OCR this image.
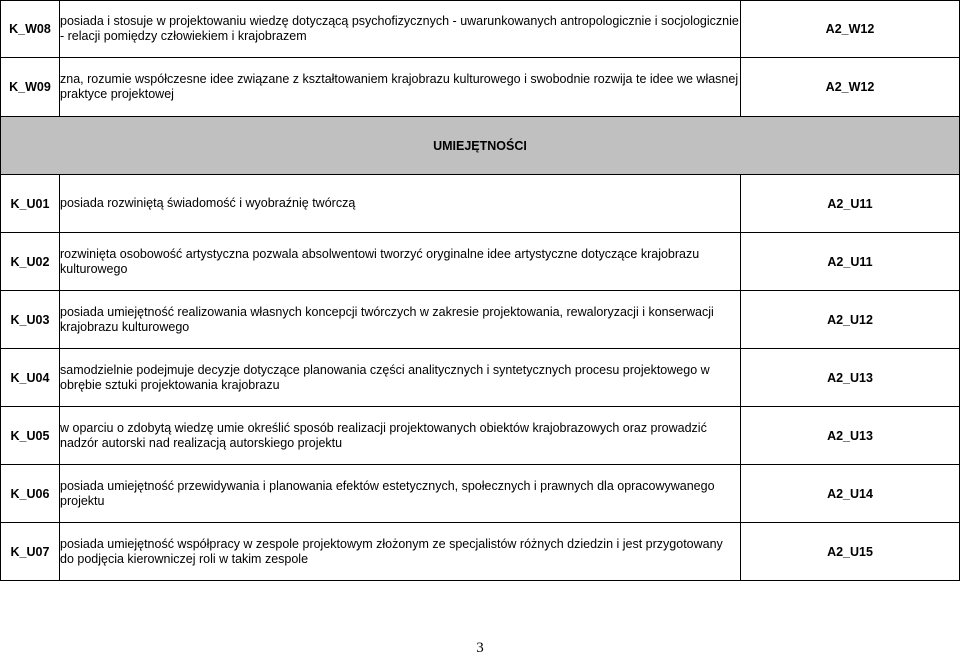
K_W08	posiada i stosuje w projektowaniu wiedzę dotyczącą psychofizycznych - uwarunkowanych antropologicznie i socjologicznie - relacji pomiędzy człowiekiem i krajobrazem	A2_W12
K_W09	zna, rozumie współczesne idee związane z kształtowaniem krajobrazu kulturowego i swobodnie rozwija te idee we własnej praktyce projektowej	A2_W12
UMIEJĘTNOŚCI		
K_U01	posiada rozwiniętą świadomość i wyobraźnię twórczą	A2_U11
K_U02	rozwinięta osobowość artystyczna pozwala absolwentowi tworzyć oryginalne idee artystyczne dotyczące krajobrazu kulturowego	A2_U11
K_U03	posiada umiejętność realizowania własnych koncepcji twórczych w zakresie projektowania, rewaloryzacji i konserwacji krajobrazu kulturowego	A2_U12
K_U04	samodzielnie podejmuje decyzje dotyczące planowania części analitycznych i syntetycznych procesu projektowego w obrębie sztuki projektowania krajobrazu	A2_U13
K_U05	w oparciu o zdobytą wiedzę umie określić sposób realizacji projektowanych obiektów krajobrazowych oraz prowadzić nadzór autorski nad realizacją autorskiego projektu	A2_U13
K_U06	posiada umiejętność przewidywania i planowania efektów estetycznych, społecznych i prawnych dla opracowywanego projektu	A2_U14
K_U07	posiada umiejętność współpracy w zespole projektowym złożonym ze specjalistów różnych dziedzin i jest przygotowany do podjęcia kierowniczej roli w takim zespole	A2_U15
3
